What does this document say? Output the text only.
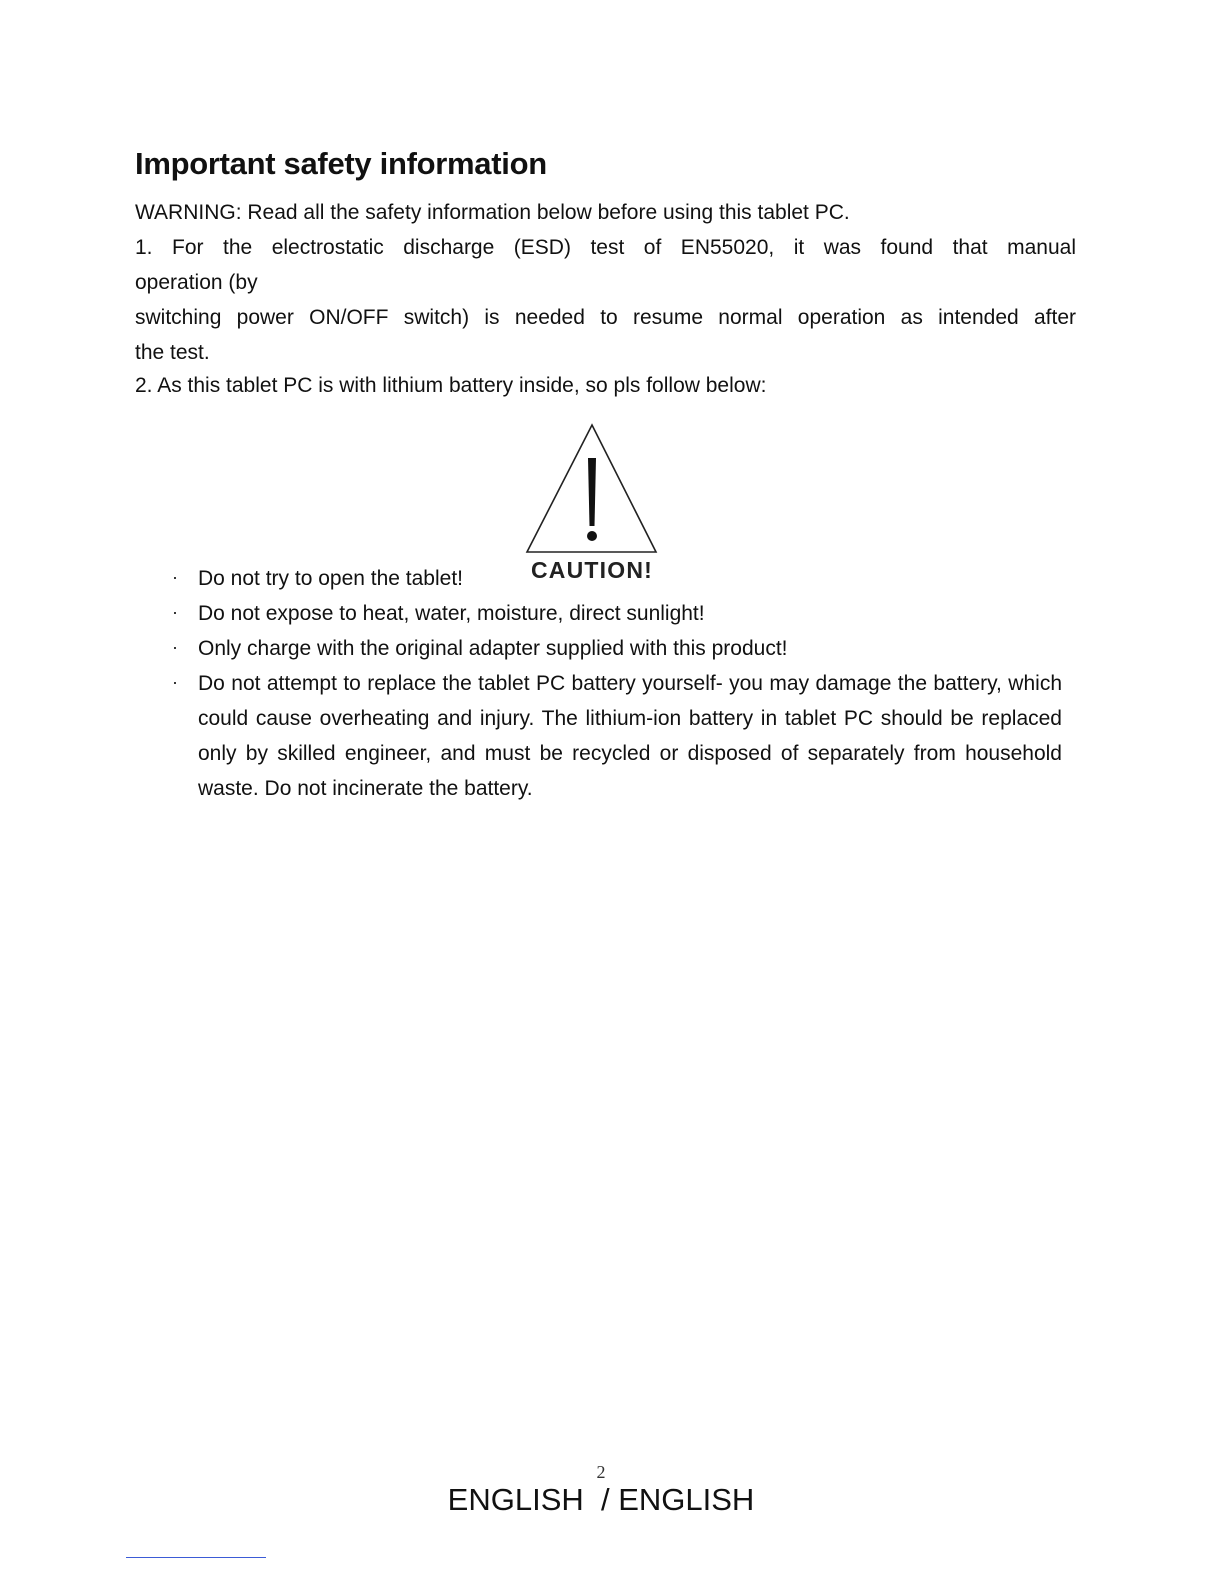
Important safety information

WARNING: Read all the safety information below before using this tablet PC.

1. For the electrostatic discharge (ESD) test of EN55020, it was found that manual

operation (by

switching power ON/OFF switch) is needed to resume normal operation as intended after

the test.

2. As this tablet PC is with lithium battery inside, so pls follow below:

CAUTION!
· Do not try to open the tablet!

· Do not expose to heat, water, moisture, direct sunlight!

· Only charge with the original adapter supplied with this product!

· Do not attempt to replace the tablet PC battery yourself- you may damage the battery, which could cause overheating and injury. The lithium-ion battery in tablet PC should be replaced only by skilled engineer, and must be recycled or disposed of separately from household waste. Do not incinerate the battery.

2
ENGLISH  / ENGLISH
